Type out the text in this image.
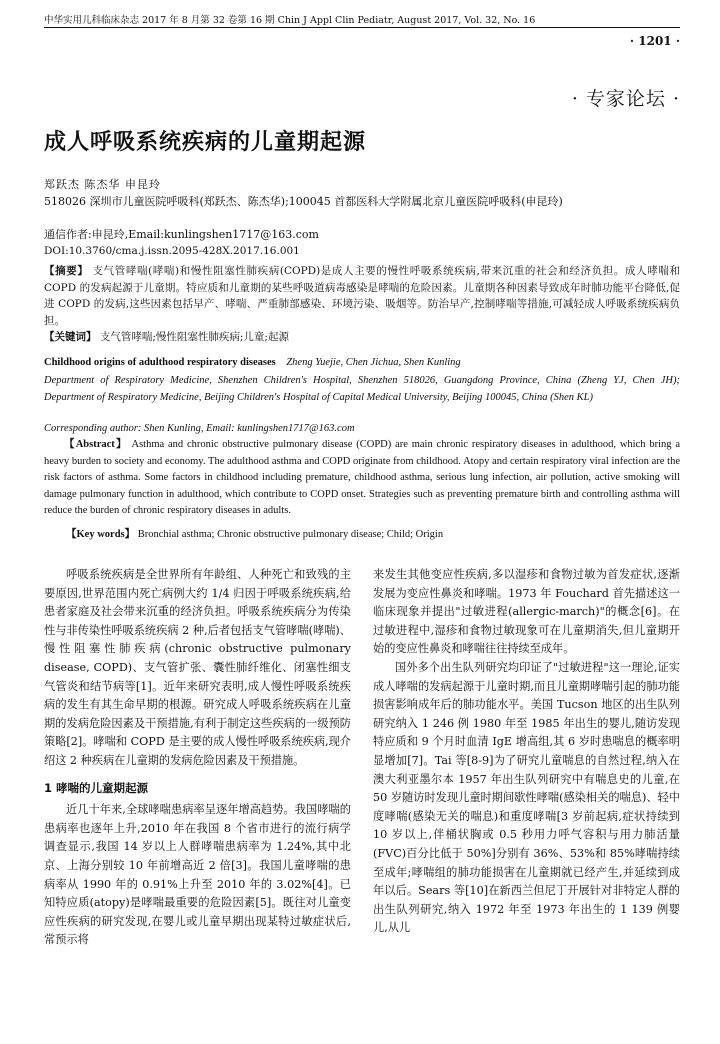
中华实用儿科临床杂志 2017 年 8 月第 32 卷第 16 期 Chin J Appl Clin Pediatr, August 2017, Vol. 32, No. 16
· 1201 ·
· 专家论坛 ·
成人呼吸系统疾病的儿童期起源
郑跃杰 陈杰华 申昆玲
518026 深圳市儿童医院呼吸科(郑跃杰、陈杰华);100045 首都医科大学附属北京儿童医院呼吸科(申昆玲)
通信作者:申昆玲,Email:kunlingshen1717@163.com
DOI:10.3760/cma.j.issn.2095-428X.2017.16.001
【摘要】 支气管哮喘(哮喘)和慢性阻塞性肺疾病(COPD)是成人主要的慢性呼吸系统疾病,带来沉重的社会和经济负担。成人哮喘和 COPD 的发病起源于儿童期。特应质和儿童期的某些呼吸道病毒感染是哮喘的危险因素。儿童期各种因素导致成年时肺功能平台降低,促进 COPD 的发病,这些因素包括早产、哮喘、严重肺部感染、环境污染、吸烟等。防治早产,控制哮喘等措施,可减轻成人呼吸系统疾病负担。
【关键词】 支气管哮喘;慢性阻塞性肺疾病;儿童;起源
Childhood origins of adulthood respiratory diseases Zheng Yuejie, Chen Jichua, Shen Kunling
Department of Respiratory Medicine, Shenzhen Children's Hospital, Shenzhen 518026, Guangdong Province, China (Zheng YJ, Chen JH); Department of Respiratory Medicine, Beijing Children's Hospital of Capital Medical University, Beijing 100045, China (Shen KL)
Corresponding author: Shen Kunling, Email: kunlingshen1717@163.com
【Abstract】 Asthma and chronic obstructive pulmonary disease (COPD) are main chronic respiratory diseases in adulthood, which bring a heavy burden to society and economy. The adulthood asthma and COPD originate from childhood. Atopy and certain respiratory viral infection are the risk factors of asthma. Some factors in childhood including premature, childhood asthma, serious lung infection, air pollution, active smoking will damage pulmonary function in adulthood, which contribute to COPD onset. Strategies such as preventing premature birth and controlling asthma will reduce the burden of chronic respiratory diseases in adults.
【Key words】 Bronchial asthma; Chronic obstructive pulmonary disease; Child; Origin

呼吸系统疾病是全世界所有年龄组、人种死亡和致残的主要原因,世界范围内死亡病例大约 1/4 归因于呼吸系统疾病,给患者家庭及社会带来沉重的经济负担。呼吸系统疾病分为传染性与非传染性呼吸系统疾病 2 种,后者包括支气管哮喘(哮喘)、慢性阻塞性肺疾病(chronic obstructive pulmonary disease, COPD)、支气管扩张、囊性肺纤维化、闭塞性细支气管炎和结节病等[1]。近年来研究表明,成人慢性呼吸系统疾病的发生有其生命早期的根源。研究成人呼吸系统疾病在儿童期的发病危险因素及干预措施,有利于制定这些疾病的一级预防策略[2]。哮喘和 COPD 是主要的成人慢性呼吸系统疾病,现介绍这 2 种疾病在儿童期的发病危险因素及干预措施。

1 哮喘的儿童期起源

近几十年来,全球哮喘患病率呈逐年增高趋势。我国哮喘的患病率也逐年上升,2010 年在我国 8 个省市进行的流行病学调查显示,我国 14 岁以上人群哮喘患病率为 1.24%,其中北京、上海分别较 10 年前增高近 2 倍[3]。我国儿童哮喘的患病率从 1990 年的 0.91%上升至 2010 年的 3.02%[4]。已知特应质(atopy)是哮喘最重要的危险因素[5]。既往对儿童变应性疾病的研究发现,在婴儿或儿童早期出现某特过敏症状后,常预示将

来发生其他变应性疾病,多以湿疹和食物过敏为首发症状,逐渐发展为变应性鼻炎和哮喘。1973 年 Fouchard 首先描述这一临床现象并提出"过敏进程(allergic-march)"的概念[6]。在过敏进程中,湿疹和食物过敏现象可在儿童期消失,但儿童期开始的变应性鼻炎和哮喘往往持续至成年。

国外多个出生队列研究均印证了"过敏进程"这一理论,证实成人哮喘的发病起源于儿童时期,而且儿童期哮喘引起的肺功能损害影响成年后的肺功能水平。美国 Tucson 地区的出生队列研究纳入 1 246 例 1980 年至 1985 年出生的婴儿,随访发现特应质和 9 个月时血清 IgE 增高组,其 6 岁时患喘息的概率明显增加[7]。Tai 等[8-9]为了研究儿童喘息的自然过程,纳入在澳大利亚墨尔本 1957 年出生队列研究中有喘息史的儿童,在 50 岁随访时发现儿童时期间歇性哮喘(感染相关的喘息)、轻中度哮喘(感染无关的喘息)和重度哮喘[3 岁前起病,症状持续到 10 岁以上,伴桶状胸或 0.5 秒用力呼气容积与用力肺活量(FVC)百分比低于 50%]分别有 36%、53%和 85%哮喘持续至成年;哮喘组的肺功能损害在儿童期就已经产生,并延续到成年以后。Sears 等[10]在新西兰但尼丁开展针对非特定人群的出生队列研究,纳入 1972 年至 1973 年出生的 1 139 例婴儿,从儿
